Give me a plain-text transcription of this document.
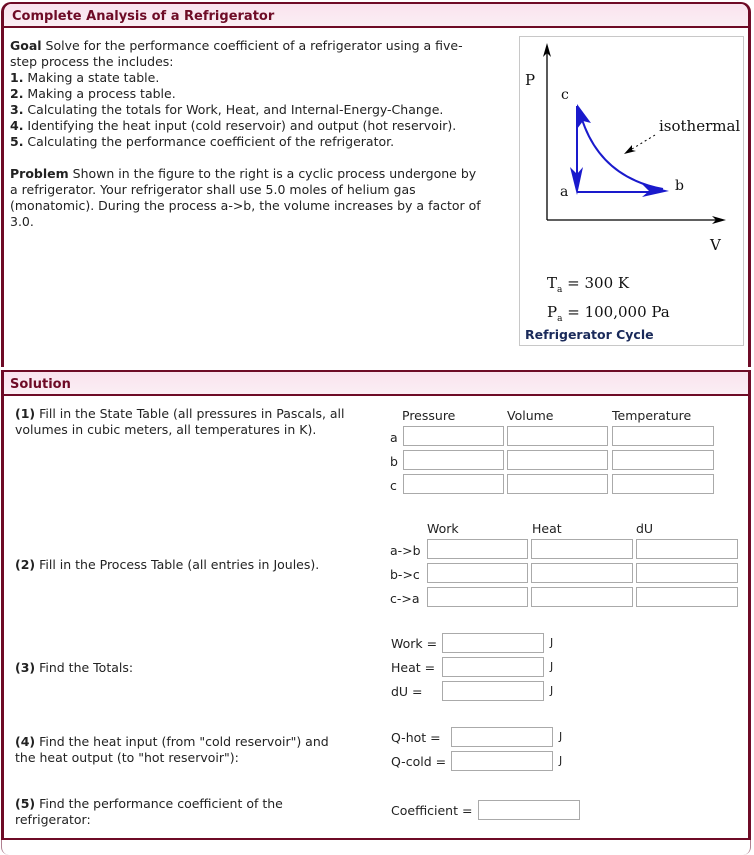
Complete Analysis of a Refrigerator
Goal Solve for the performance coefficient of a refrigerator using a five-
step process the includes:
1. Making a state table.
2. Making a process table.
3. Calculating the totals for Work, Heat, and Internal-Energy-Change.
4. Identifying the heat input (cold reservoir) and output (hot reservoir).
5. Calculating the performance coefficient of the refrigerator.
Problem Shown in the figure to the right is a cyclic process undergone by
a refrigerator. Your refrigerator shall use 5.0 moles of helium gas
(monatomic). During the process a->b, the volume increases by a factor of
3.0.
P
c
isothermal
a	b
V
$T_a = 300$ K
$P_a = 100,000$ Pa
Refrigerator Cycle
Solution
(1) Fill in the State Table (all pressures in Pascals, all
volumes in cubic meters, all temperatures in K).
Pressure	Volume	Temperature
a
b
c
(2) Fill in the Process Table (all entries in Joules).
Work	Heat	dU
a->b
b->c
c->a
(3) Find the Totals:
Work =	J
Heat =	J
dU =	J
(4) Find the heat input (from "cold reservoir") and
the heat output (to "hot reservoir"):
Q-hot =	J
Q-cold =	J
(5) Find the performance coefficient of the
refrigerator:
Coefficient =
